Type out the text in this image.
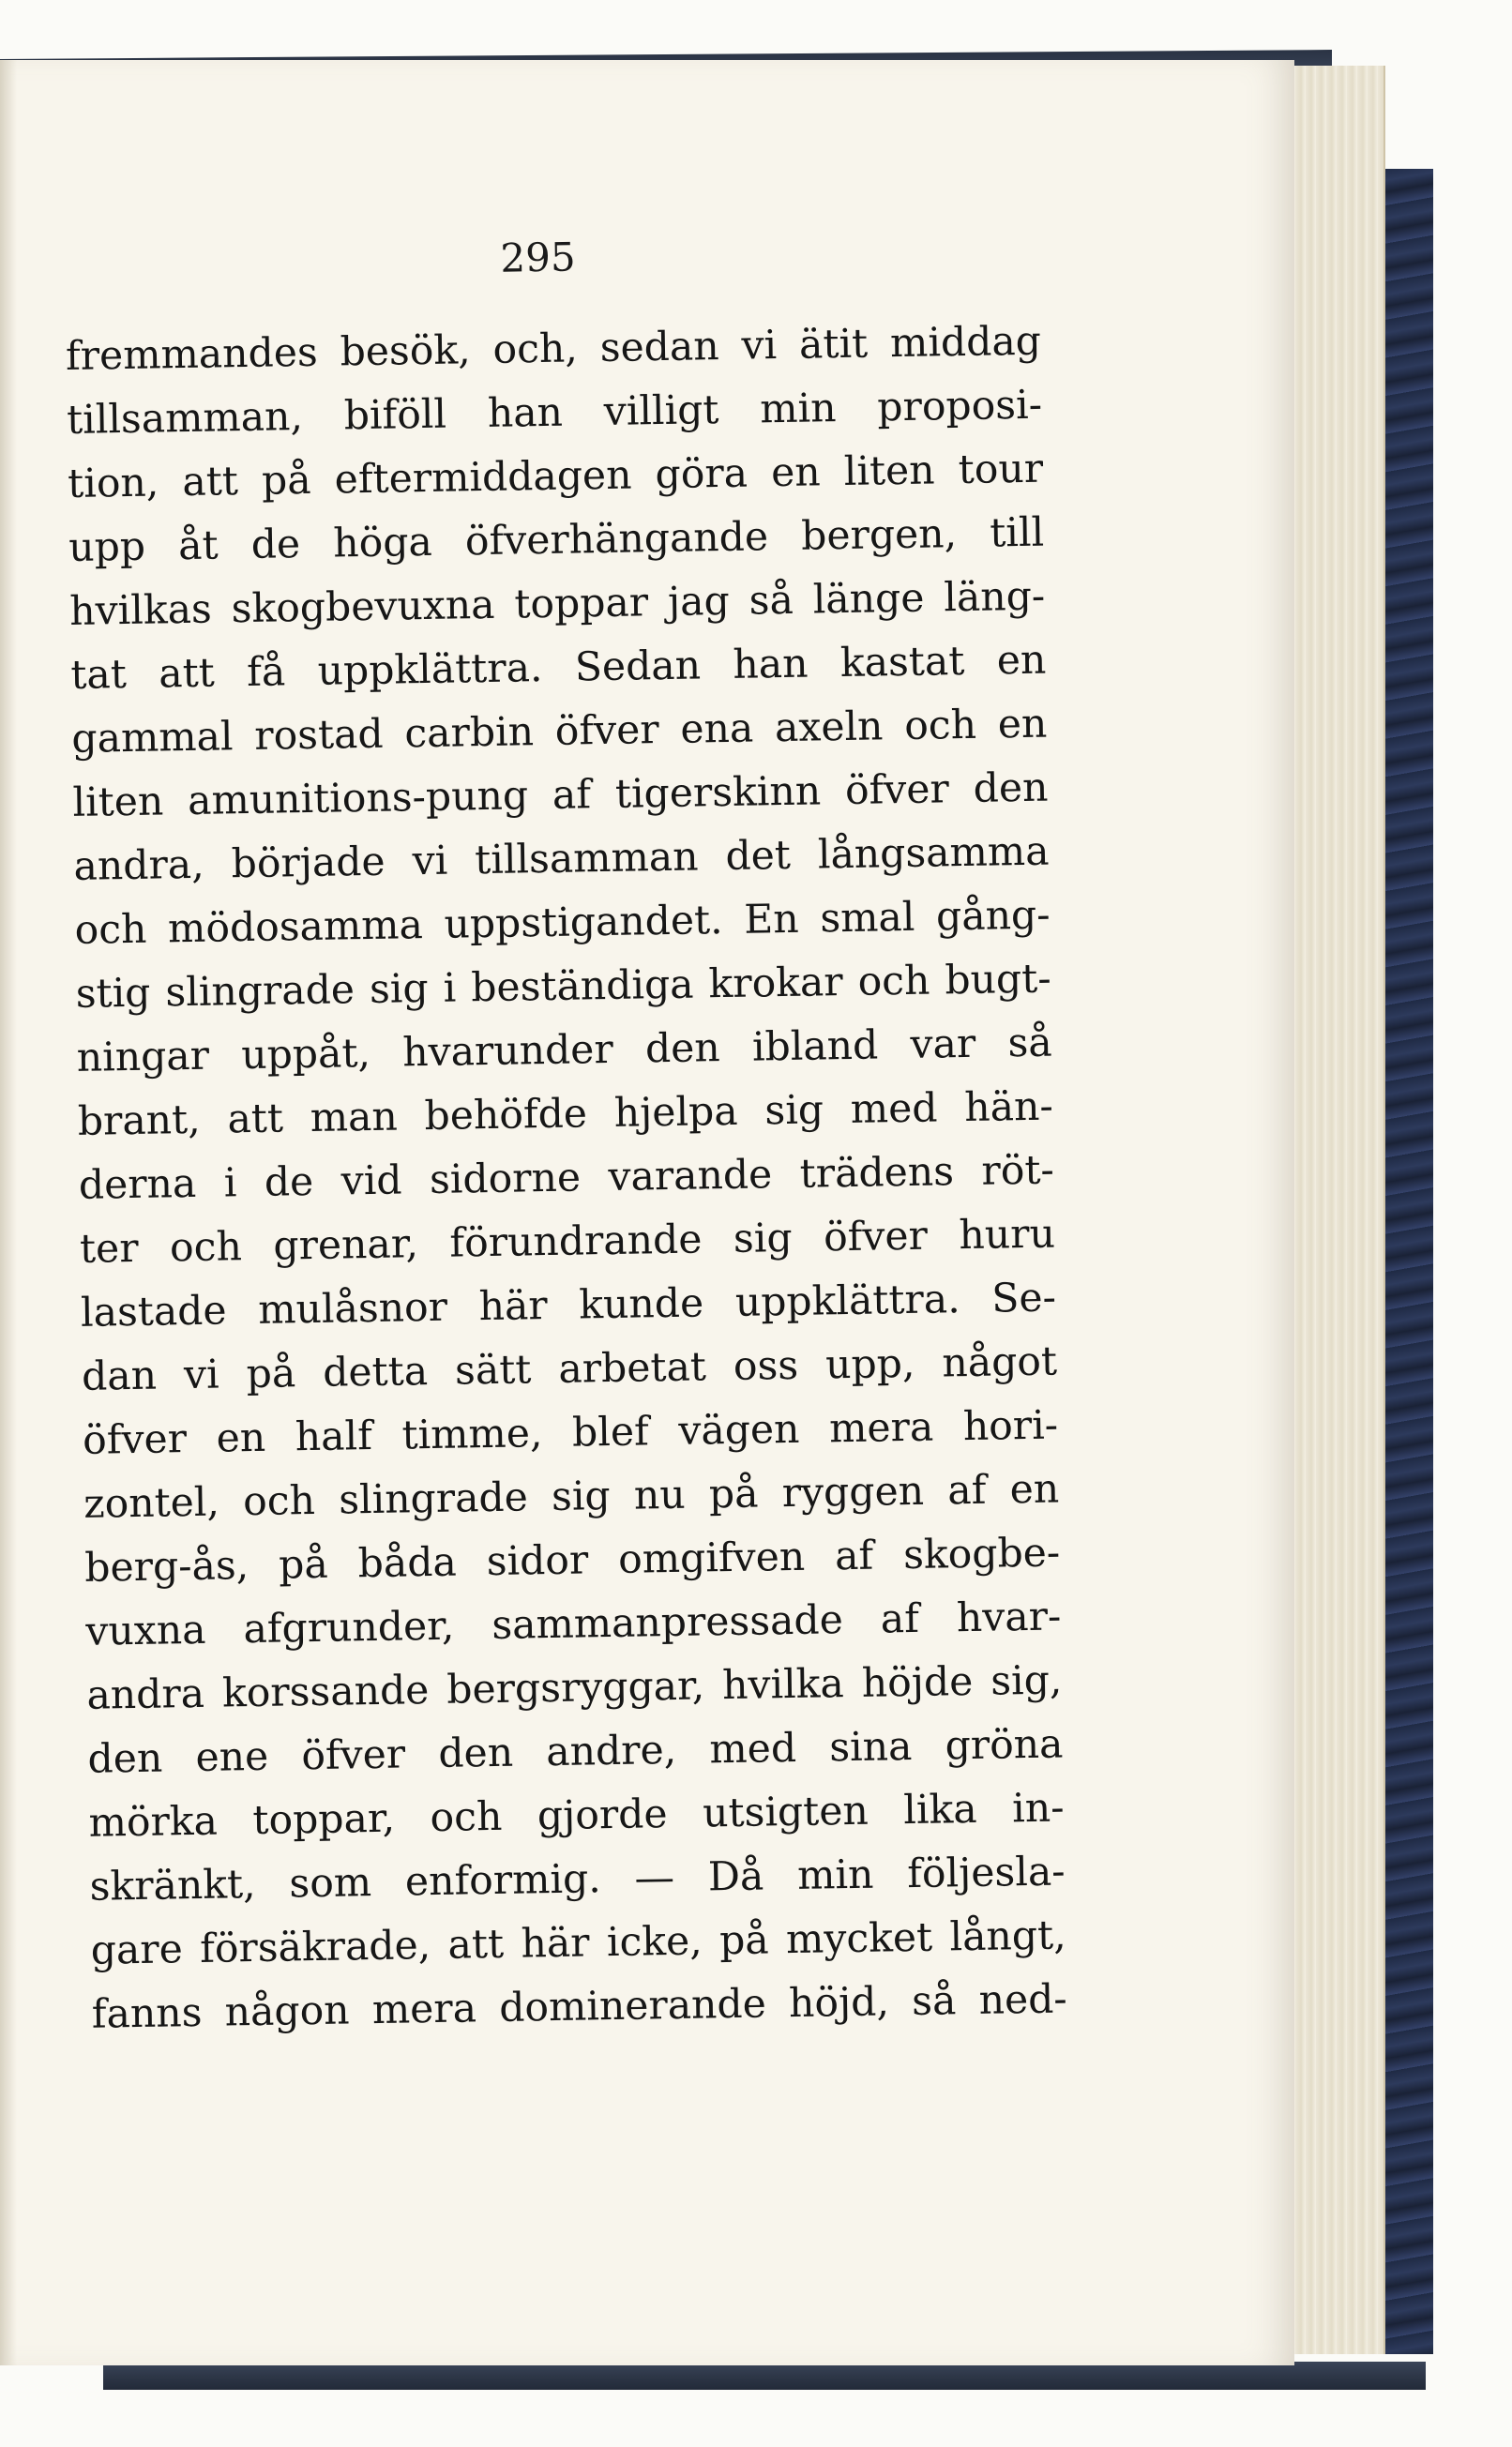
295
fremmandes besök, och, sedan vi ätit middag
tillsamman, biföll han villigt min proposi-
tion, att på eftermiddagen göra en liten tour
upp åt de höga öfverhängande bergen, till
hvilkas skogbevuxna toppar jag så länge läng-
tat att få uppklättra. Sedan han kastat en
gammal rostad carbin öfver ena axeln och en
liten amunitions-pung af tigerskinn öfver den
andra, började vi tillsamman det långsamma
och mödosamma uppstigandet. En smal gång-
stig slingrade sig i beständiga krokar och bugt-
ningar uppåt, hvarunder den ibland var så
brant, att man behöfde hjelpa sig med hän-
derna i de vid sidorne varande trädens röt-
ter och grenar, förundrande sig öfver huru
lastade mulåsnor här kunde uppklättra. Se-
dan vi på detta sätt arbetat oss upp, något
öfver en half timme, blef vägen mera hori-
zontel, och slingrade sig nu på ryggen af en
berg-ås, på båda sidor omgifven af skogbe-
vuxna afgrunder, sammanpressade af hvar-
andra korssande bergsryggar, hvilka höjde sig,
den ene öfver den andre, med sina gröna
mörka toppar, och gjorde utsigten lika in-
skränkt, som enformig. — Då min följesla-
gare försäkrade, att här icke, på mycket långt,
fanns någon mera dominerande höjd, så ned-
